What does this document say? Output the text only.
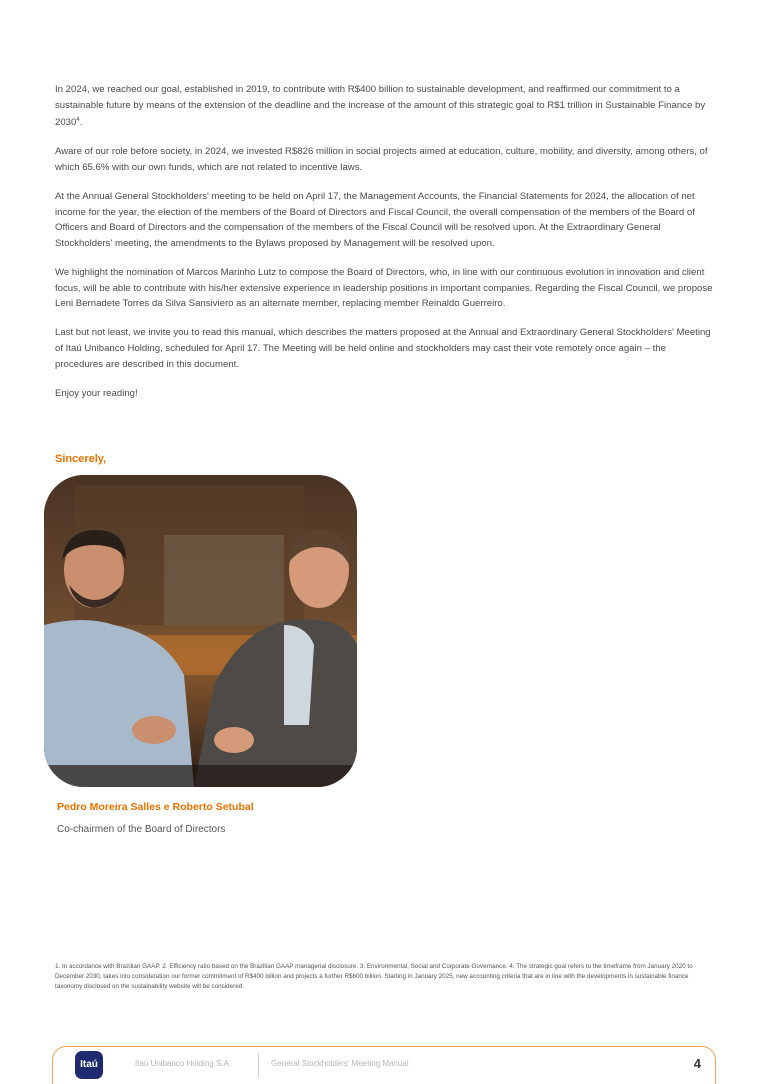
In 2024, we reached our goal, established in 2019, to contribute with R$400 billion to sustainable development, and reaffirmed our commitment to a sustainable future by means of the extension of the deadline and the increase of the amount of this strategic goal to R$1 trillion in Sustainable Finance by 2030$^4$.

Aware of our role before society, in 2024, we invested R$826 million in social projects aimed at education, culture, mobility, and diversity, among others, of which 65.6% with our own funds, which are not related to incentive laws.

At the Annual General Stockholders' meeting to be held on April 17, the Management Accounts, the Financial Statements for 2024, the allocation of net income for the year, the election of the members of the Board of Directors and Fiscal Council, the overall compensation of the members of the Board of Officers and Board of Directors and the compensation of the members of the Fiscal Council will be resolved upon. At the Extraordinary General Stockholders' meeting, the amendments to the Bylaws proposed by Management will be resolved upon.

We highlight the nomination of Marcos Marinho Lutz to compose the Board of Directors, who, in line with our continuous evolution in innovation and client focus, will be able to contribute with his/her extensive experience in leadership positions in important companies. Regarding the Fiscal Council, we propose Leni Bernadete Torres da Silva Sansiviero as an alternate member, replacing member Reinaldo Guerreiro.

Last but not least, we invite you to read this manual, which describes the matters proposed at the Annual and Extraordinary General Stockholders' Meeting of Itaú Unibanco Holding, scheduled for April 17. The Meeting will be held online and stockholders may cast their vote remotely once again – the procedures are described in this document.

Enjoy your reading!

Sincerely,
Pedro Moreira Salles e Roberto Setubal
Co-chairmen of the Board of Directors
1. In accordance with Brazilian GAAP. 2. Efficiency ratio based on the Brazilian GAAP managerial disclosure. 3. Environmental, Social and Corporate Governance. 4. The strategic goal refers to the timeframe from January 2020 to December 2030, takes into consideration our former commitment of R$400 billion and projects a further R$600 billion. Starting in January 2025, new accounting criteria that are in line with the developments in sustainable finance taxonomy disclosed on the sustainability website will be considered.
Itaú	Itaú Unibanco Holding S.A.	General Stockholders' Meeting Manual	4
